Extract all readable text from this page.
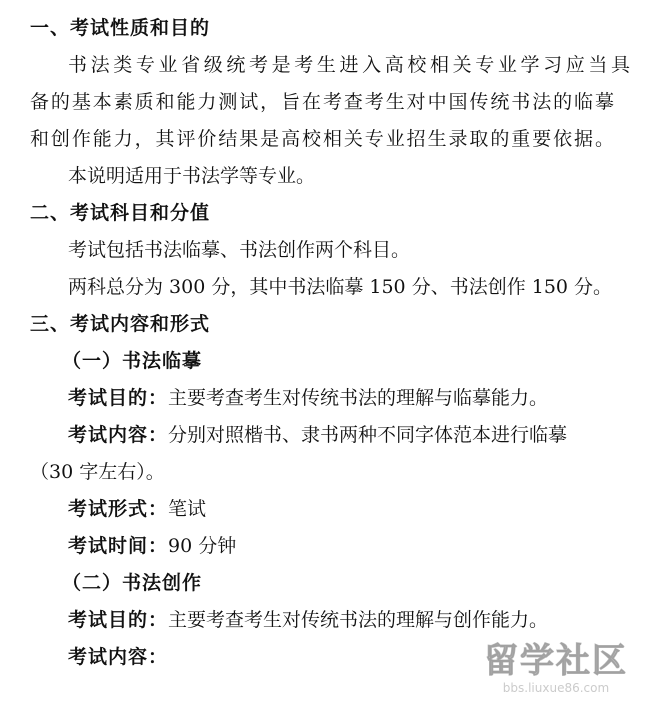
一、考试性质和目的
书法类专业省级统考是考生进入高校相关专业学习应当具
备的基本素质和能力测试，旨在考查考生对中国传统书法的临摹
和创作能力，其评价结果是高校相关专业招生录取的重要依据。
本说明适用于书法学等专业。
二、考试科目和分值
考试包括书法临摹、书法创作两个科目。
两科总分为 300 分，其中书法临摹 150 分、书法创作 150 分。
三、考试内容和形式
（一）书法临摹
考试目的：主要考查考生对传统书法的理解与临摹能力。
考试内容：分别对照楷书、隶书两种不同字体范本进行临摹
（30 字左右）。
考试形式：笔试
考试时间：90 分钟
（二）书法创作
考试目的：主要考查考生对传统书法的理解与创作能力。
考试内容：	留学社区
bbs.liuxue86.com
